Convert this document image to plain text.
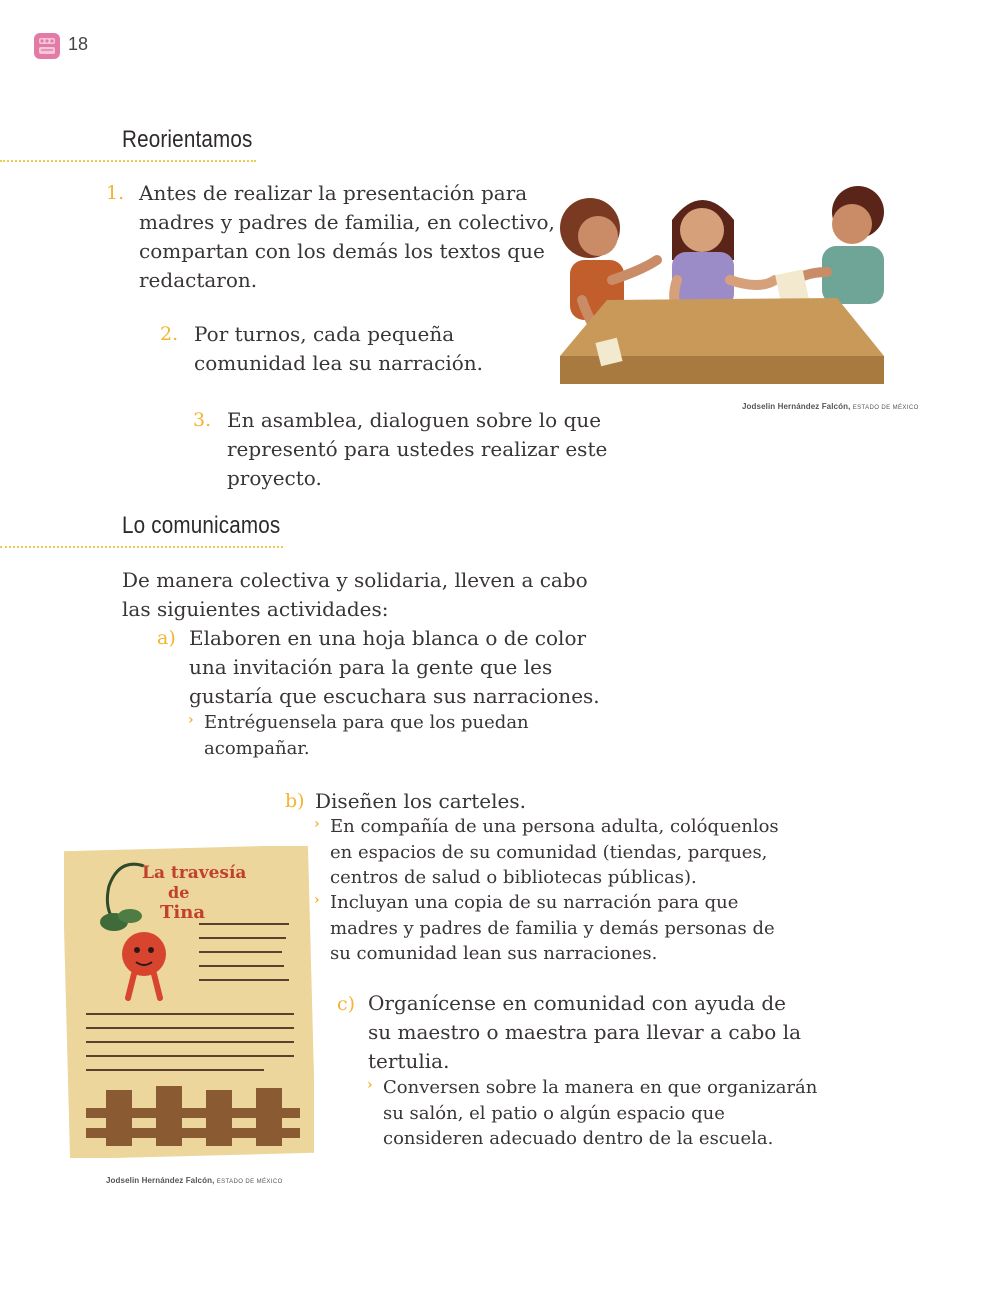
18
Reorientamos
1. Antes de realizar la presentación para
madres y padres de familia, en colectivo,
compartan con los demás los textos que
redactaron.
2. Por turnos, cada pequeña
comunidad lea su narración.
3. En asamblea, dialoguen sobre lo que
representó para ustedes realizar este
proyecto.
Jodselin Hernández Falcón, ESTADO DE MÉXICO
Lo comunicamos
De manera colectiva y solidaria, lleven a cabo
las siguientes actividades:
a) Elaboren en una hoja blanca o de color
una invitación para la gente que les
gustaría que escuchara sus narraciones.
› Entréguensela para que los puedan
acompañar.
b) Diseñen los carteles.
› En compañía de una persona adulta, colóquenlos
en espacios de su comunidad (tiendas, parques,
centros de salud o bibliotecas públicas).
› Incluyan una copia de su narración para que
madres y padres de familia y demás personas de
su comunidad lean sus narraciones.
La travesía
de
Tina
Jodselin Hernández Falcón, ESTADO DE MÉXICO
c) Organícense en comunidad con ayuda de
su maestro o maestra para llevar a cabo la
tertulia.
› Conversen sobre la manera en que organizarán
su salón, el patio o algún espacio que
consideren adecuado dentro de la escuela.
